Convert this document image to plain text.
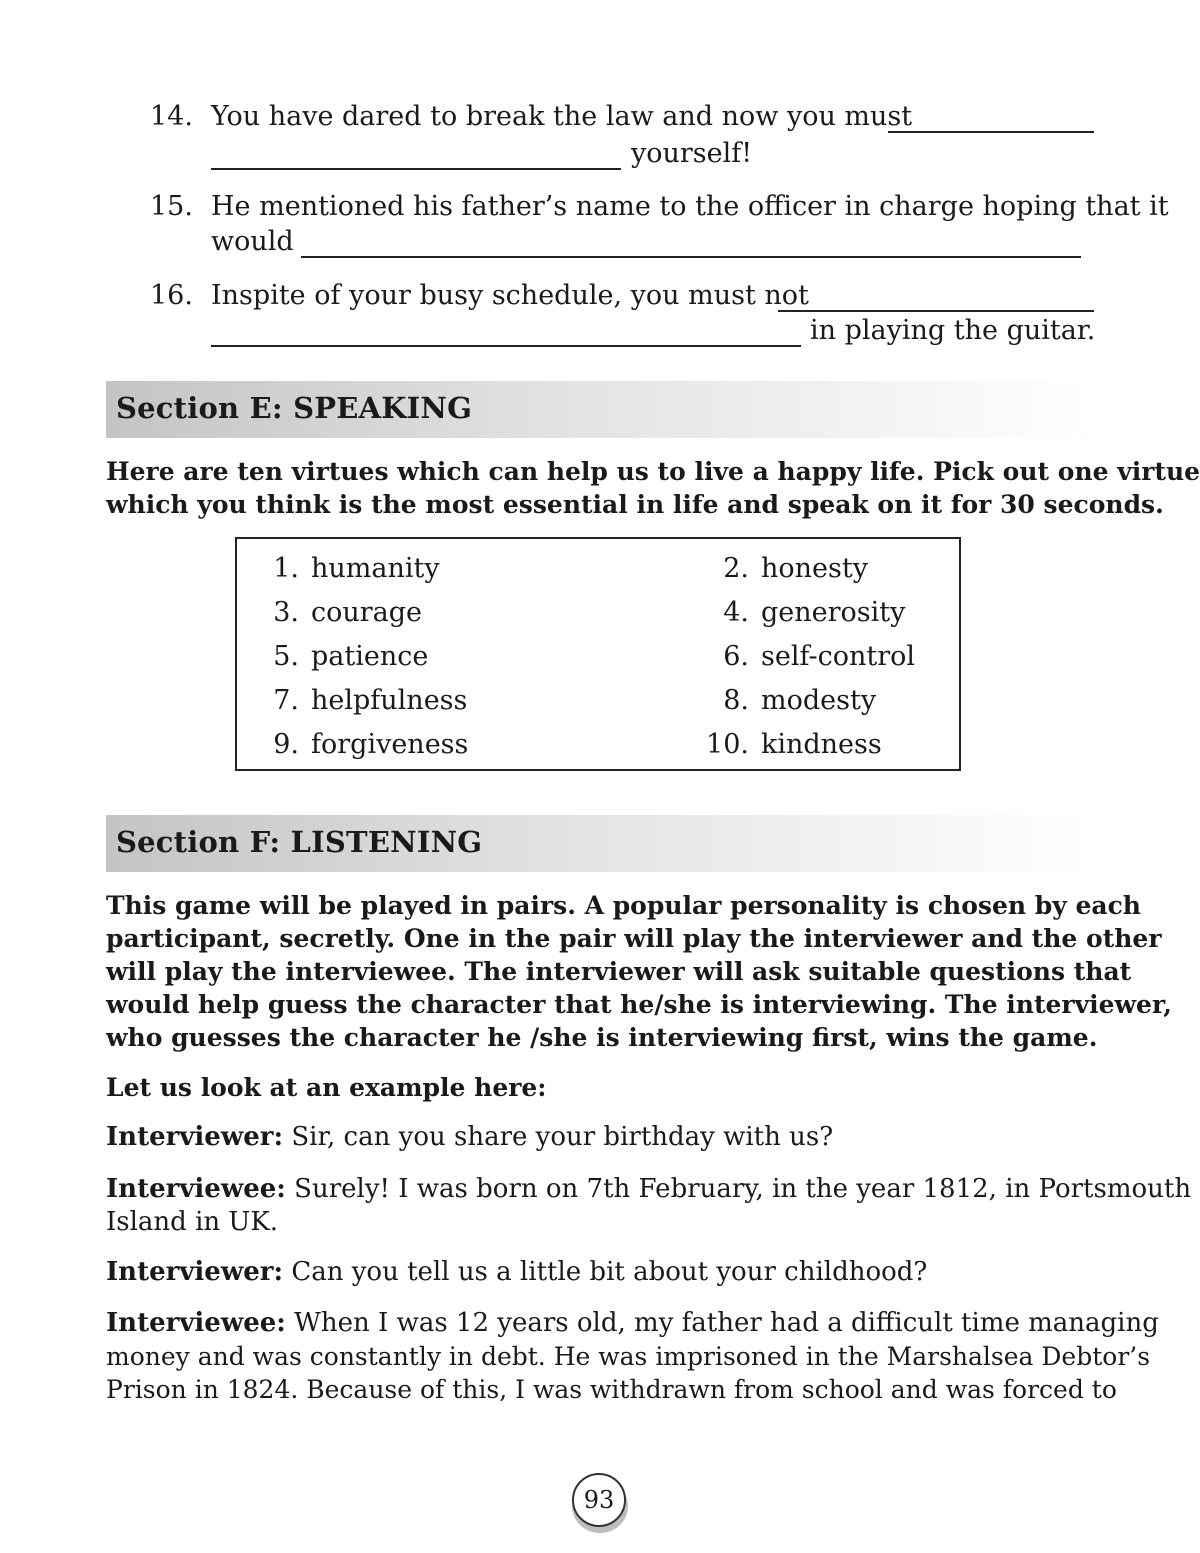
14. You have dared to break the law and now you must
yourself!
15. He mentioned his father’s name to the officer in charge hoping that it
would
16. Inspite of your busy schedule, you must not
in playing the guitar.
Section E: SPEAKING
Here are ten virtues which can help us to live a happy life. Pick out one virtue
which you think is the most essential in life and speak on it for 30 seconds.
1. humanity	2. honesty
3. courage	4. generosity
5. patience	6. self-control
7. helpfulness	8. modesty
9. forgiveness	10. kindness
Section F: LISTENING
This game will be played in pairs. A popular personality is chosen by each
participant, secretly. One in the pair will play the interviewer and the other
will play the interviewee. The interviewer will ask suitable questions that
would help guess the character that he/she is interviewing. The interviewer,
who guesses the character he /she is interviewing first, wins the game.
Let us look at an example here:
Interviewer: Sir, can you share your birthday with us?
Interviewee: Surely! I was born on 7th February, in the year 1812, in Portsmouth
Island in UK.
Interviewer: Can you tell us a little bit about your childhood?
Interviewee: When I was 12 years old, my father had a difficult time managing
money and was constantly in debt. He was imprisoned in the Marshalsea Debtor’s
Prison in 1824. Because of this, I was withdrawn from school and was forced to
93
